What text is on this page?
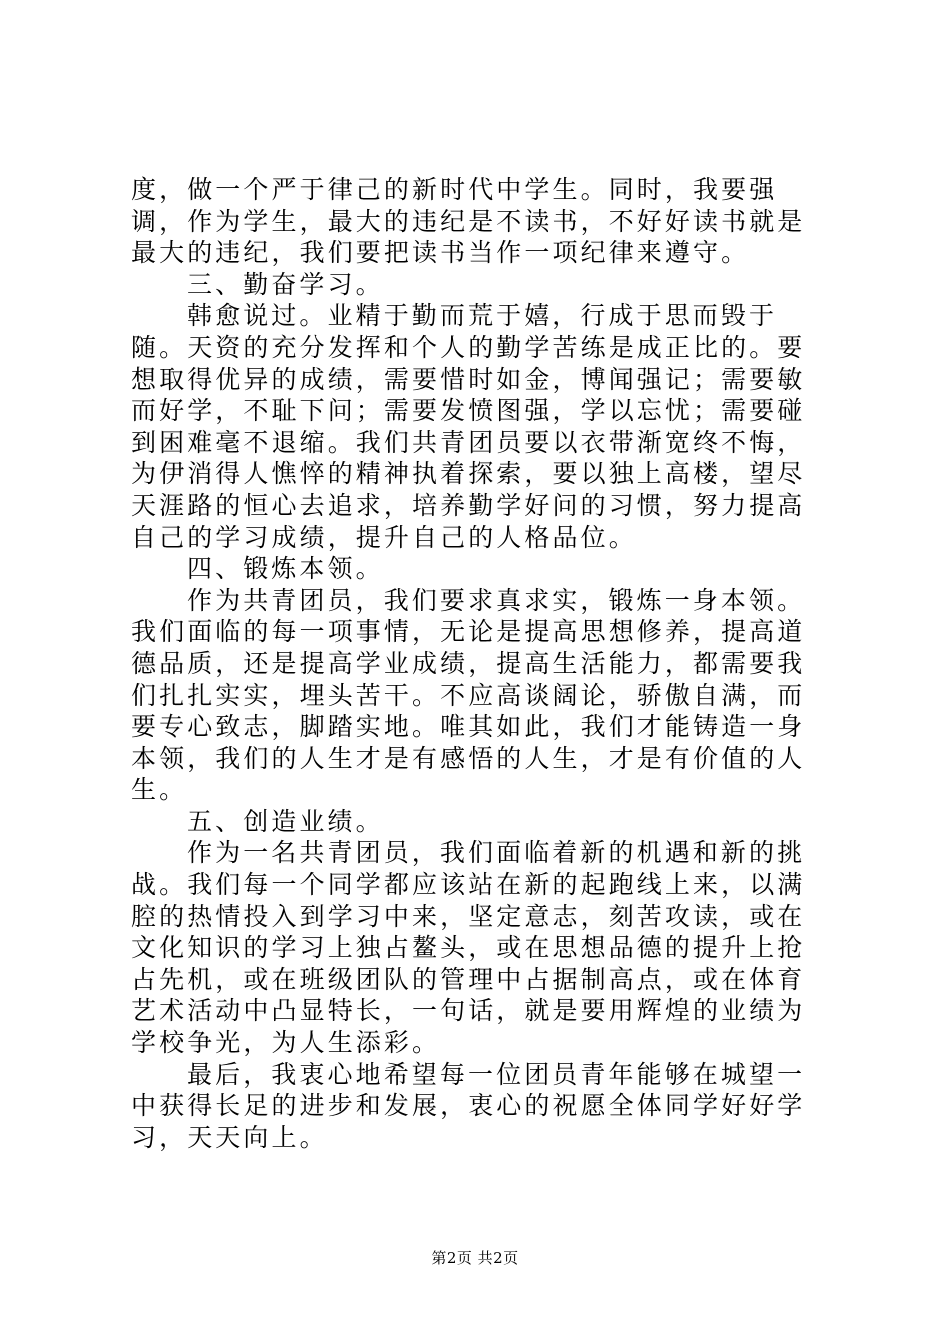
度，做一个严于律己的新时代中学生。同时，我要强调，作为学生，最大的违纪是不读书，不好好读书就是最大的违纪，我们要把读书当作一项纪律来遵守。

三、勤奋学习。

韩愈说过。业精于勤而荒于嬉，行成于思而毁于随。天资的充分发挥和个人的勤学苦练是成正比的。要想取得优异的成绩，需要惜时如金，博闻强记；需要敏而好学，不耻下问；需要发愤图强，学以忘忧；需要碰到困难毫不退缩。我们共青团员要以衣带渐宽终不悔，为伊消得人憔悴的精神执着探索，要以独上高楼，望尽天涯路的恒心去追求，培养勤学好问的习惯，努力提高自己的学习成绩，提升自己的人格品位。

四、锻炼本领。

作为共青团员，我们要求真求实，锻炼一身本领。我们面临的每一项事情，无论是提高思想修养，提高道德品质，还是提高学业成绩，提高生活能力，都需要我们扎扎实实，埋头苦干。不应高谈阔论，骄傲自满，而要专心致志，脚踏实地。唯其如此，我们才能铸造一身本领，我们的人生才是有感悟的人生，才是有价值的人生。

五、创造业绩。

作为一名共青团员，我们面临着新的机遇和新的挑战。我们每一个同学都应该站在新的起跑线上来，以满腔的热情投入到学习中来，坚定意志，刻苦攻读，或在文化知识的学习上独占鳌头，或在思想品德的提升上抢占先机，或在班级团队的管理中占据制高点，或在体育艺术活动中凸显特长，一句话，就是要用辉煌的业绩为学校争光，为人生添彩。

最后，我衷心地希望每一位团员青年能够在城望一中获得长足的进步和发展，衷心的祝愿全体同学好好学习，天天向上。

第2页 共2页
